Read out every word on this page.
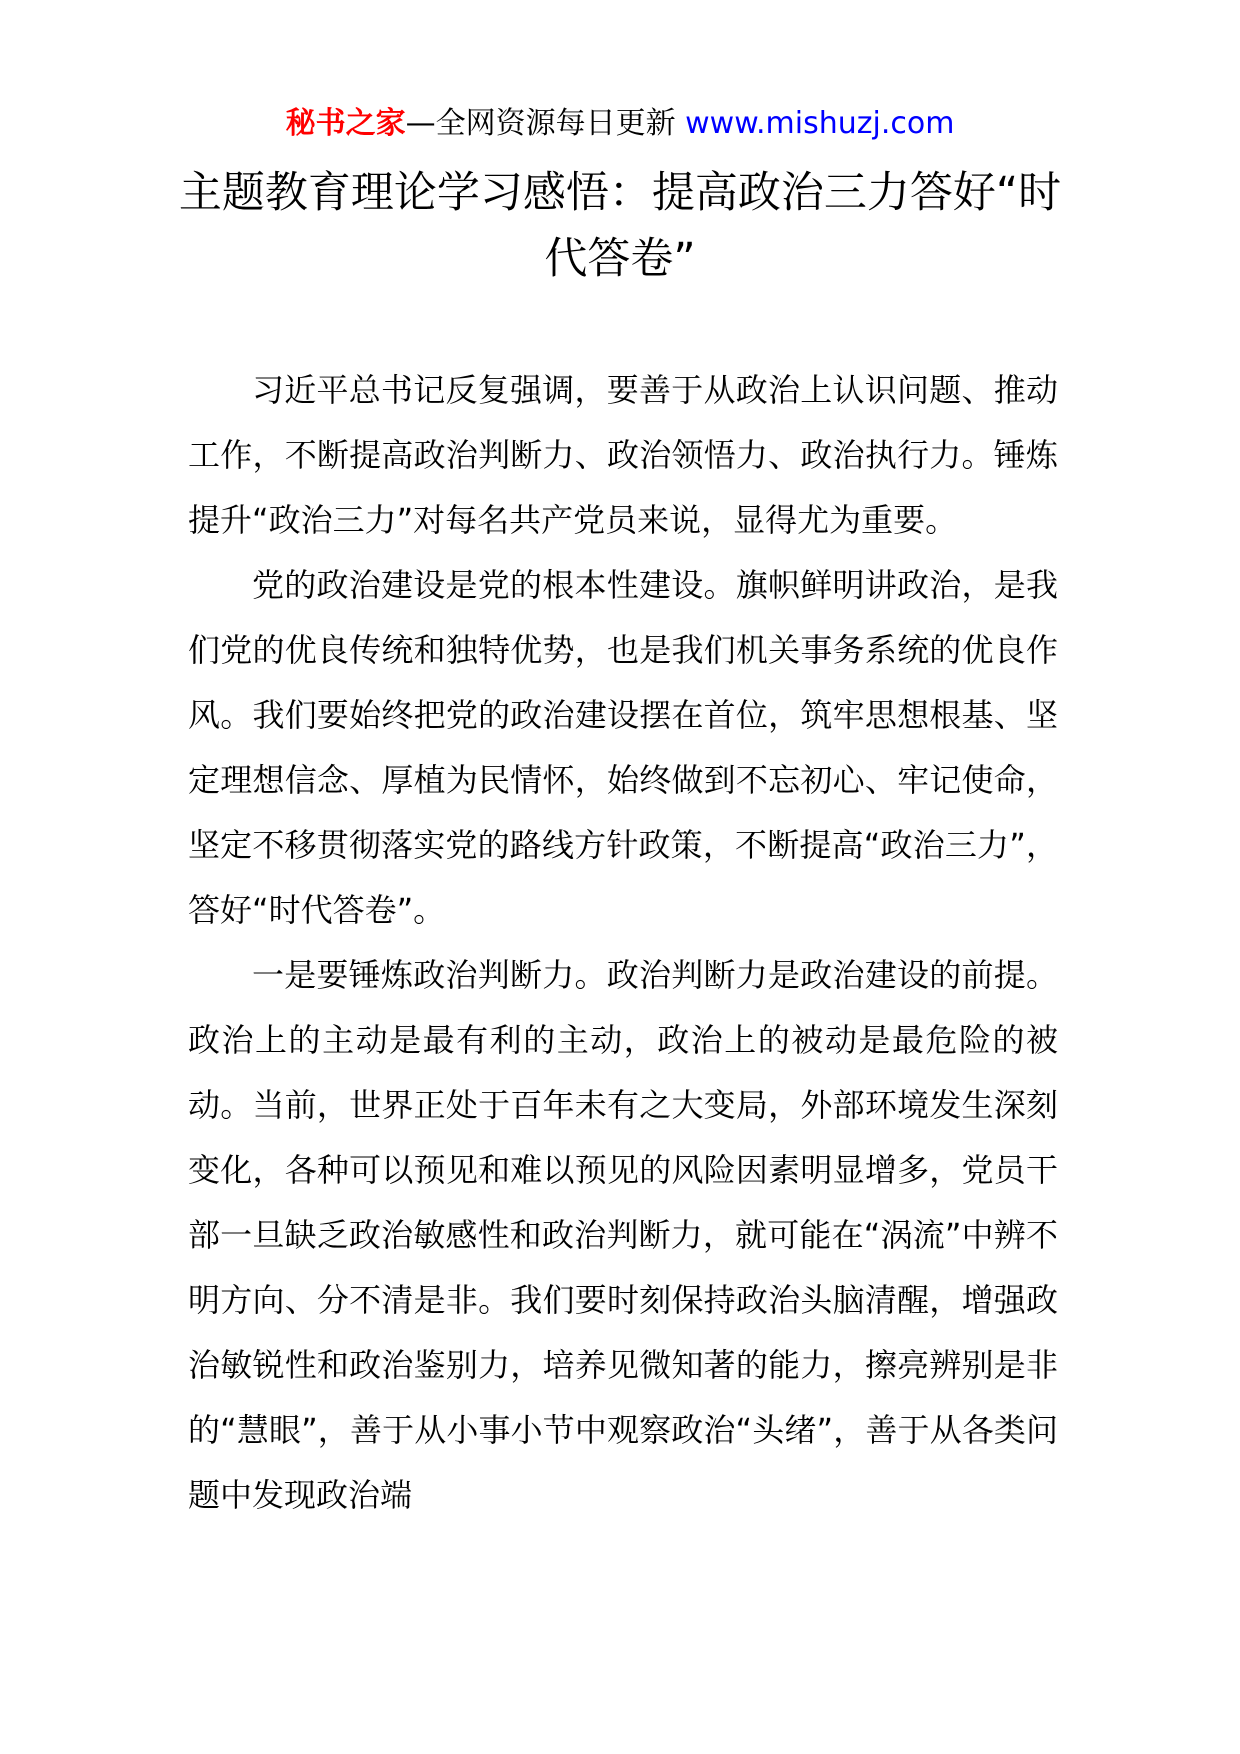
秘书之家—全网资源每日更新 www.mishuzj.com
主题教育理论学习感悟：提高政治三力答好“时代答卷”

习近平总书记反复强调，要善于从政治上认识问题、推动工作，不断提高政治判断力、政治领悟力、政治执行力。锤炼提升“政治三力”对每名共产党员来说，显得尤为重要。

党的政治建设是党的根本性建设。旗帜鲜明讲政治，是我们党的优良传统和独特优势，也是我们机关事务系统的优良作风。我们要始终把党的政治建设摆在首位，筑牢思想根基、坚定理想信念、厚植为民情怀，始终做到不忘初心、牢记使命，坚定不移贯彻落实党的路线方针政策，不断提高“政治三力”，答好“时代答卷”。

一是要锤炼政治判断力。政治判断力是政治建设的前提。政治上的主动是最有利的主动，政治上的被动是最危险的被动。当前，世界正处于百年未有之大变局，外部环境发生深刻变化，各种可以预见和难以预见的风险因素明显增多，党员干部一旦缺乏政治敏感性和政治判断力，就可能在“涡流”中辨不明方向、分不清是非。我们要时刻保持政治头脑清醒，增强政治敏锐性和政治鉴别力，培养见微知著的能力，擦亮辨别是非的“慧眼”，善于从小事小节中观察政治“头绪”，善于从各类问题中发现政治端
